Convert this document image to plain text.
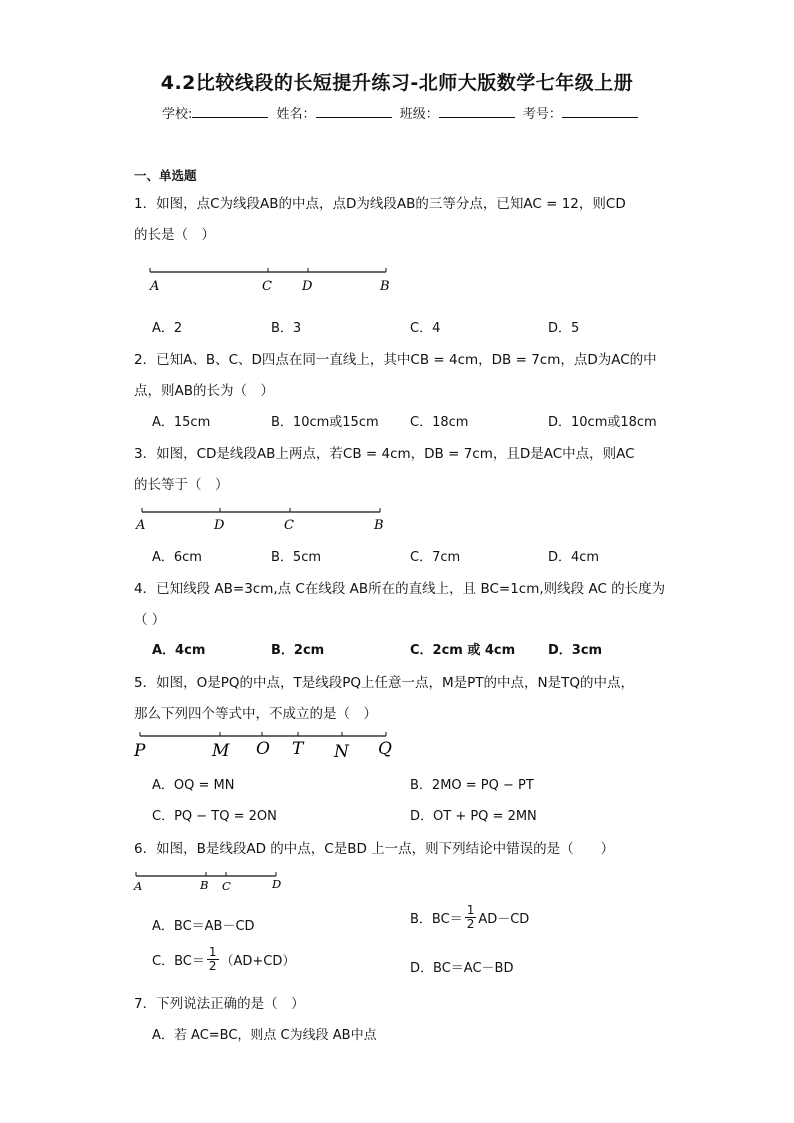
4.2比较线段的长短提升练习-北师大版数学七年级上册
学校:	姓名：	班级：	考号：
一、单选题
1．如图，点C为线段AB的中点，点D为线段AB的三等分点，已知AC = 12，则CD
的长是（　）
A	C D	B
A．2	B．3	C．4	D．5
2．已知A、B、C、D四点在同一直线上，其中CB = 4cm，DB = 7cm，点D为AC的中
点，则AB的长为（　）
A．15cm	B．10cm或15cm C．18cm	D．10cm或18cm
3．如图，CD是线段AB上两点，若CB = 4cm，DB = 7cm，且D是AC中点，则AC
的长等于（　）
A	D	C	B
A．6cm	B．5cm	C．7cm	D．4cm
4．已知线段 AB=3cm,点 C在线段 AB所在的直线上，且 BC=1cm,则线段 AC 的长度为
（ ）
A．4cm	B．2cm	C．2cm 或 4cm	D．3cm
5．如图，O是PQ的中点，T是线段PQ上任意一点，M是PT的中点，N是TQ的中点，
那么下列四个等式中，不成立的是（　）
P	M O T N Q
A．OQ = MN	B．2MO = PQ − PT
C．PQ − TQ = 2ON	D．OT + PQ = 2MN
6．如图，B是线段AD 的中点，C是BD 上一点，则下列结论中错误的是（　　）
A	B C	D
A．BC＝AB－CD	B．$BC= \frac{1}{2} AD-CD$
C．$BC= \frac{1}{2} (AD+CD)$	D．BC＝AC－BD
7．下列说法正确的是（　）
A．若 AC=BC，则点 C为线段 AB中点
